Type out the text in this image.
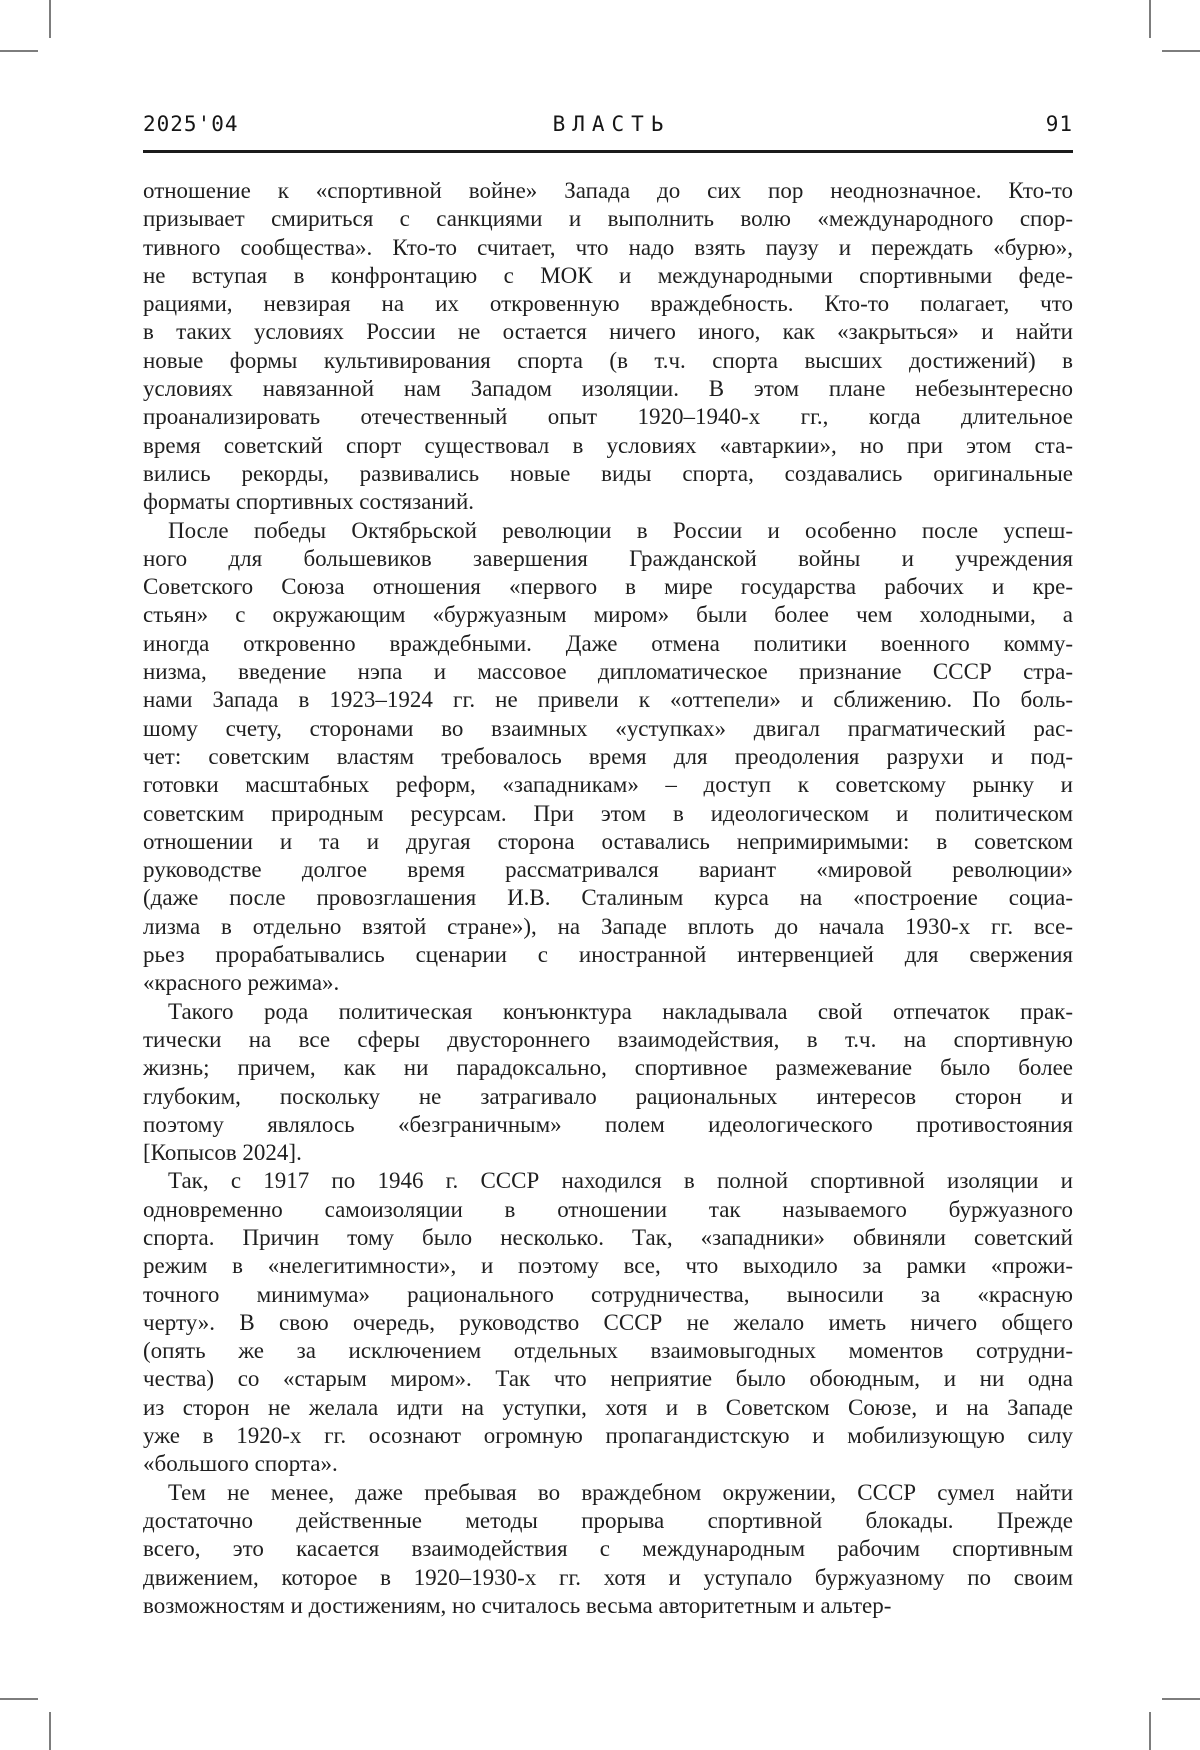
2025'04	ВЛАСТЬ	91
отношение к «спортивной войне» Запада до сих пор неоднозначное. Кто-то
призывает смириться с санкциями и выполнить волю «международного спор-
тивного сообщества». Кто-то считает, что надо взять паузу и переждать «бурю»,
не вступая в конфронтацию с МОК и международными спортивными феде-
рациями, невзирая на их откровенную враждебность. Кто-то полагает, что
в таких условиях России не остается ничего иного, как «закрыться» и найти
новые формы культивирования спорта (в т.ч. спорта высших достижений) в
условиях навязанной нам Западом изоляции. В этом плане небезынтересно
проанализировать отечественный опыт 1920–1940-х гг., когда длительное
время советский спорт существовал в условиях «автаркии», но при этом ста-
вились рекорды, развивались новые виды спорта, создавались оригинальные
форматы спортивных состязаний.
После победы Октябрьской революции в России и особенно после успеш-
ного для большевиков завершения Гражданской войны и учреждения
Советского Союза отношения «первого в мире государства рабочих и кре-
стьян» с окружающим «буржуазным миром» были более чем холодными, а
иногда откровенно враждебными. Даже отмена политики военного комму-
низма, введение нэпа и массовое дипломатическое признание СССР стра-
нами Запада в 1923–1924 гг. не привели к «оттепели» и сближению. По боль-
шому счету, сторонами во взаимных «уступках» двигал прагматический рас-
чет: советским властям требовалось время для преодоления разрухи и под-
готовки масштабных реформ, «западникам» – доступ к советскому рынку и
советским природным ресурсам. При этом в идеологическом и политическом
отношении и та и другая сторона оставались непримиримыми: в советском
руководстве долгое время рассматривался вариант «мировой революции»
(даже после провозглашения И.В. Сталиным курса на «построение социа-
лизма в отдельно взятой стране»), на Западе вплоть до начала 1930-х гг. все-
рьез прорабатывались сценарии с иностранной интервенцией для свержения
«красного режима».
Такого рода политическая конъюнктура накладывала свой отпечаток прак-
тически на все сферы двустороннего взаимодействия, в т.ч. на спортивную
жизнь; причем, как ни парадоксально, спортивное размежевание было более
глубоким, поскольку не затрагивало рациональных интересов сторон и
поэтому являлось «безграничным» полем идеологического противостояния
[Копысов 2024].
Так, с 1917 по 1946 г. СССР находился в полной спортивной изоляции и
одновременно самоизоляции в отношении так называемого буржуазного
спорта. Причин тому было несколько. Так, «западники» обвиняли советский
режим в «нелегитимности», и поэтому все, что выходило за рамки «прожи-
точного минимума» рационального сотрудничества, выносили за «красную
черту». В свою очередь, руководство СССР не желало иметь ничего общего
(опять же за исключением отдельных взаимовыгодных моментов сотрудни-
чества) со «старым миром». Так что неприятие было обоюдным, и ни одна
из сторон не желала идти на уступки, хотя и в Советском Союзе, и на Западе
уже в 1920-х гг. осознают огромную пропагандистскую и мобилизующую силу
«большого спорта».
Тем не менее, даже пребывая во враждебном окружении, СССР сумел найти
достаточно действенные методы прорыва спортивной блокады. Прежде
всего, это касается взаимодействия с международным рабочим спортивным
движением, которое в 1920–1930-х гг. хотя и уступало буржуазному по своим
возможностям и достижениям, но считалось весьма авторитетным и альтер-
